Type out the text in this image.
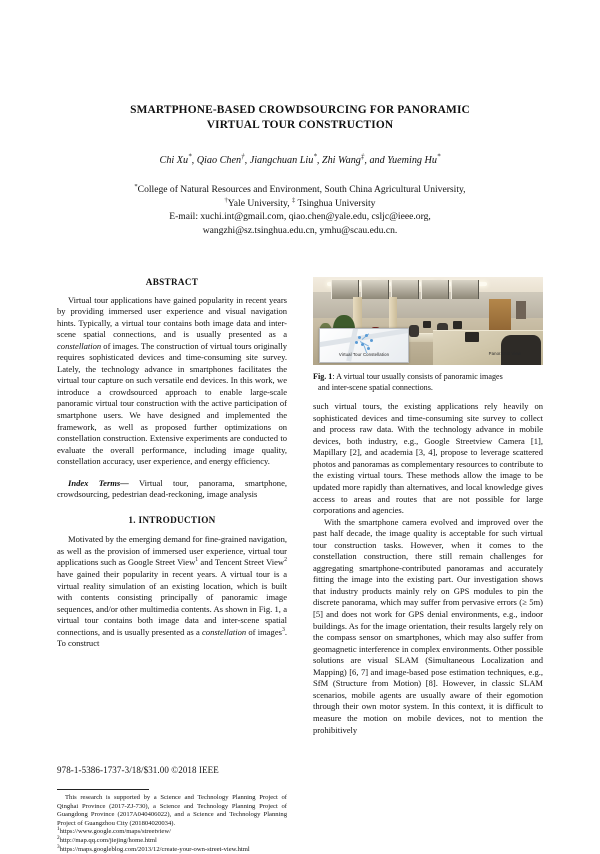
SMARTPHONE-BASED CROWDSOURCING FOR PANORAMIC
VIRTUAL TOUR CONSTRUCTION
Chi Xu*, Qiao Chen†, Jiangchuan Liu*, Zhi Wang‡, and Yueming Hu*
*College of Natural Resources and Environment, South China Agricultural University,
†Yale University, ‡ Tsinghua University
E-mail: xuchi.int@gmail.com, qiao.chen@yale.edu, csljc@ieee.org,
wangzhi@sz.tsinghua.edu.cn, ymhu@scau.edu.cn.
ABSTRACT

Virtual tour applications have gained popularity in recent years by providing immersed user experience and visual navigation hints. Typically, a virtual tour contains both image data and inter-scene spatial connections, and is usually presented as a constellation of images. The construction of virtual tours originally requires sophisticated devices and time-consuming site survey. Lately, the technology advance in smartphones facilitates the virtual tour capture on such versatile end devices. In this work, we introduce a crowdsourced approach to enable large-scale panoramic virtual tour construction with the active participation of smartphone users. We have designed and implemented the framework, as well as proposed further optimizations on constellation construction. Extensive experiments are conducted to evaluate the overall performance, including image quality, constellation accuracy, user experience, and energy efficiency.

Index Terms— Virtual tour, panorama, smartphone, crowdsourcing, pedestrian dead-reckoning, image analysis

1. INTRODUCTION

Motivated by the emerging demand for fine-grained navigation, as well as the provision of immersed user experience, virtual tour applications such as Google Street View$^1$ and Tencent Street View$^2$ have gained their popularity in recent years. A virtual tour is a virtual reality simulation of an existing location, which is built with contents consisting principally of panoramic image sequences, and/or other multimedia contents. As shown in Fig. 1, a virtual tour contains both image data and inter-scene spatial connections, and is usually presented as a constellation of images$^3$. To construct

Virtual Tour Constellation	Panoramic View
Fig. 1: A virtual tour usually consists of panoramic images
and inter-scene spatial connections.

such virtual tours, the existing applications rely heavily on sophisticated devices and time-consuming site survey to collect and process raw data. With the technology advance in mobile devices, both industry, e.g., Google Streetview Camera [1], Mapillary [2], and academia [3, 4], propose to leverage scattered photos and panoramas as complementary resources to contribute to the existing virtual tours. These methods allow the image to be updated more rapidly than alternatives, and local knowledge gives access to areas and routes that are not possible for large corporations and agencies.

With the smartphone camera evolved and improved over the past half decade, the image quality is acceptable for such virtual tour construction tasks. However, when it comes to the constellation construction, there still remain challenges for aggregating smartphone-contributed panoramas and accurately fitting the image into the existing part. Our investigation shows that industry products mainly rely on GPS modules to pin the discrete panorama, which may suffer from pervasive errors (≥ 5m) [5] and does not work for GPS denial environments, e.g., indoor buildings. As for the image orientation, their results largely rely on the compass sensor on smartphones, which may also suffer from geomagnetic interference in complex environments. Other possible solutions are visual SLAM (Simultaneous Localization and Mapping) [6, 7] and image-based pose estimation techniques, e.g., SfM (Structure from Motion) [8]. However, in classic SLAM scenarios, mobile agents are usually aware of their egomotion through their own motor system. In this context, it is difficult to measure the motion on mobile devices, not to mention the prohibitively

This research is supported by a Science and Technology Planning Project of Qinghai Province (2017-ZJ-730), a Science and Technology Planning Project of Guangdong Province (2017A040406022), and a Science and Technology Planning Project of Guangzhou City (201804020034).

$^1$https://www.google.com/maps/streetview/

$^2$http://map.qq.com/jiejing/home.html

$^3$https://maps.googleblog.com/2013/12/create-your-own-street-view.html

978-1-5386-1737-3/18/$31.00 ©2018 IEEE
